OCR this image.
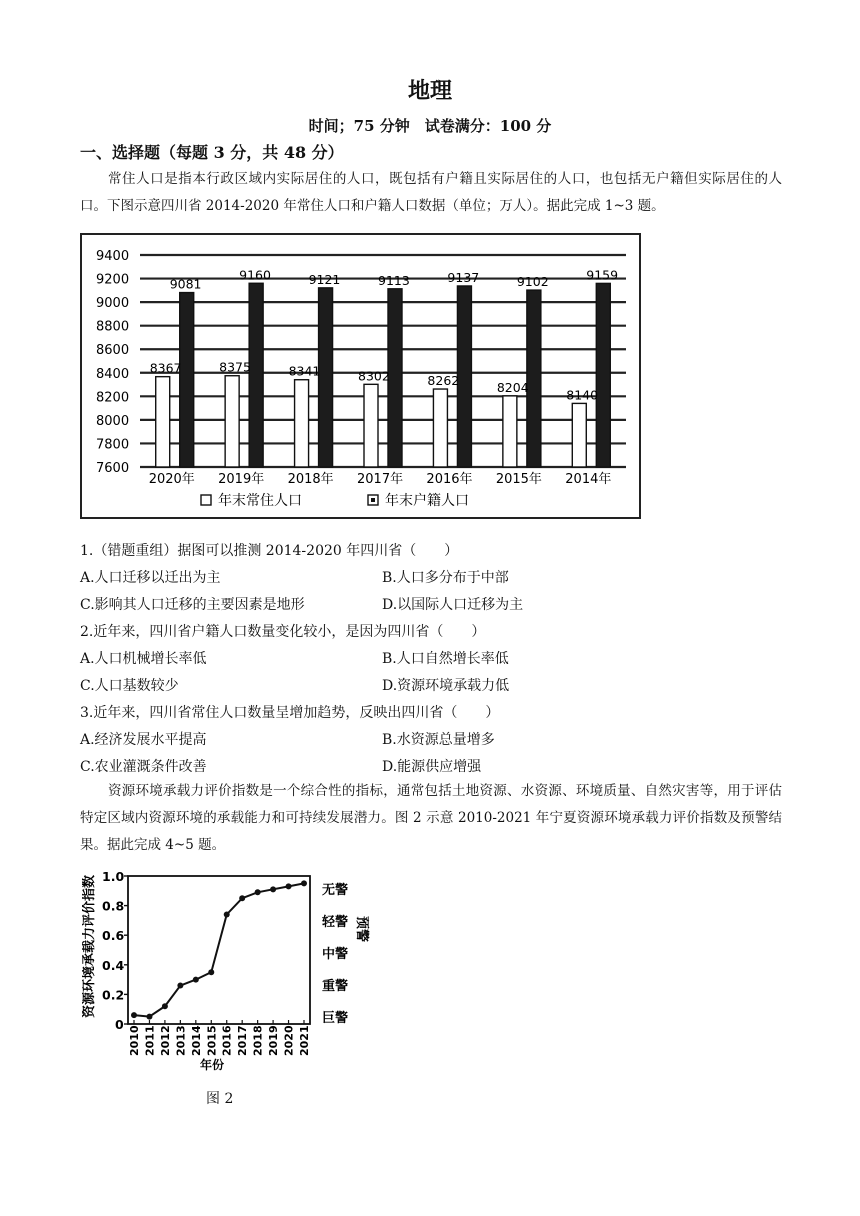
地理
时间；75 分钟　试卷满分：100 分
一、选择题（每题 3 分，共 48 分）
常住人口是指本行政区域内实际居住的人口，既包括有户籍且实际居住的人口，也包括无户籍但实际居住的人口。下图示意四川省 2014-2020 年常住人口和户籍人口数据（单位；万人）。据此完成 1~3 题。
9400
9200
9000
8800
8600
8400
8200
8000
7800
7600
8367
9081
8375
9160
8341
9121
8302
9113
8262
9137
8204
9102
8140
9159
2020年 2019年 2018年 2017年 2016年 2015年 2014年
年末常住人口	年末户籍人口
1.（错题重组）据图可以推测 2014-2020 年四川省（　　）
A.人口迁移以迁出为主	B.人口多分布于中部
C.影响其人口迁移的主要因素是地形	D.以国际人口迁移为主
2.近年来，四川省户籍人口数量变化较小，是因为四川省（　　）
A.人口机械增长率低	B.人口自然增长率低
C.人口基数较少	D.资源环境承载力低
3.近年来，四川省常住人口数量呈增加趋势，反映出四川省（　　）
A.经济发展水平提高	B.水资源总量增多
C.农业灌溉条件改善	D.能源供应增强
资源环境承载力评价指数是一个综合性的指标，通常包括土地资源、水资源、环境质量、自然灾害等，用于评估特定区域内资源环境的承载能力和可持续发展潜力。图 2 示意 2010-2021 年宁夏资源环境承载力评价指数及预警结果。据此完成 4~5 题。
1.0
0.8
0.6
0.4
0.2
0
2010 2011 2012 2013 2014 2015 2016 2017 2018 2019 2020 2021
无警
轻警
中警
重警
巨警
资源环境承载力评价指数	预警
年份
图 2
